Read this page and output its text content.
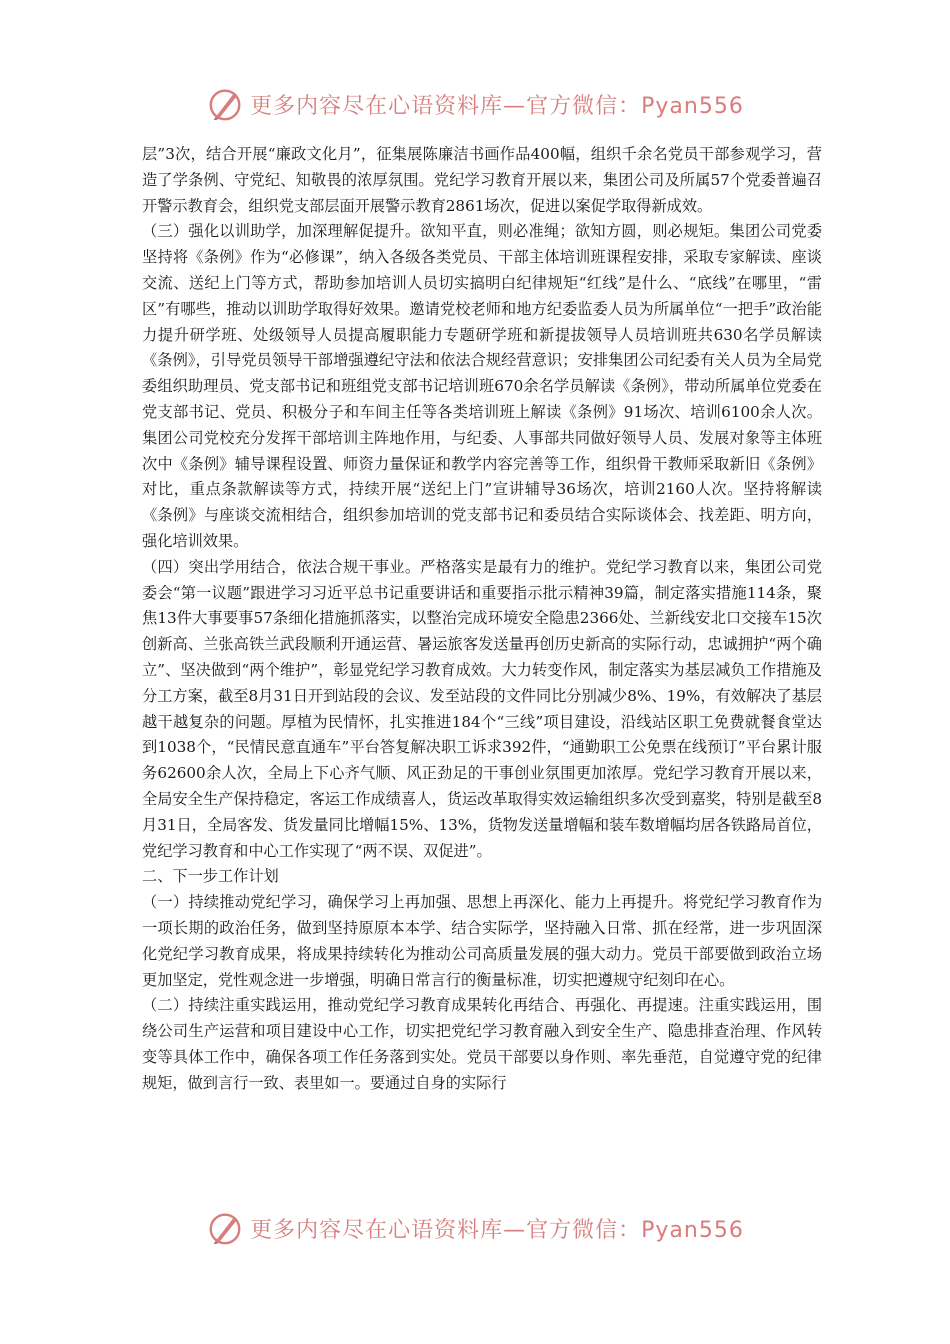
更多内容尽在心语资料库—官方微信：Pyan556

层”3次，结合开展“廉政文化月”，征集展陈廉洁书画作品400幅，组织千余名党员干部参观学习，营造了学条例、守党纪、知敬畏的浓厚氛围。党纪学习教育开展以来，集团公司及所属57个党委普遍召开警示教育会，组织党支部层面开展警示教育2861场次，促进以案促学取得新成效。

（三）强化以训助学，加深理解促提升。欲知平直，则必准绳；欲知方圆，则必规矩。集团公司党委坚持将《条例》作为“必修课”，纳入各级各类党员、干部主体培训班课程安排，采取专家解读、座谈交流、送纪上门等方式，帮助参加培训人员切实搞明白纪律规矩“红线”是什么、“底线”在哪里，“雷区”有哪些，推动以训助学取得好效果。邀请党校老师和地方纪委监委人员为所属单位“一把手”政治能力提升研学班、处级领导人员提高履职能力专题研学班和新提拔领导人员培训班共630名学员解读《条例》，引导党员领导干部增强遵纪守法和依法合规经营意识；安排集团公司纪委有关人员为全局党委组织助理员、党支部书记和班组党支部书记培训班670余名学员解读《条例》，带动所属单位党委在党支部书记、党员、积极分子和车间主任等各类培训班上解读《条例》91场次、培训6100余人次。集团公司党校充分发挥干部培训主阵地作用，与纪委、人事部共同做好领导人员、发展对象等主体班次中《条例》辅导课程设置、师资力量保证和教学内容完善等工作，组织骨干教师采取新旧《条例》对比，重点条款解读等方式，持续开展“送纪上门”宣讲辅导36场次，培训2160人次。坚持将解读《条例》与座谈交流相结合，组织参加培训的党支部书记和委员结合实际谈体会、找差距、明方向，强化培训效果。

（四）突出学用结合，依法合规干事业。严格落实是最有力的维护。党纪学习教育以来，集团公司党委会“第一议题”跟进学习习近平总书记重要讲话和重要指示批示精神39篇，制定落实措施114条，聚焦13件大事要事57条细化措施抓落实，以整治完成环境安全隐患2366处、兰新线安北口交接车15次创新高、兰张高铁兰武段顺利开通运营、暑运旅客发送量再创历史新高的实际行动，忠诚拥护“两个确立”、坚决做到“两个维护”，彰显党纪学习教育成效。大力转变作风，制定落实为基层减负工作措施及分工方案，截至8月31日开到站段的会议、发至站段的文件同比分别减少8%、19%，有效解决了基层越干越复杂的问题。厚植为民情怀，扎实推进184个“三线”项目建设，沿线站区职工免费就餐食堂达到1038个，“民情民意直通车”平台答复解决职工诉求392件，“通勤职工公免票在线预订”平台累计服务62600余人次，全局上下心齐气顺、风正劲足的干事创业氛围更加浓厚。党纪学习教育开展以来，全局安全生产保持稳定，客运工作成绩喜人，货运改革取得实效运输组织多次受到嘉奖，特别是截至8月31日，全局客发、货发量同比增幅15%、13%，货物发送量增幅和装车数增幅均居各铁路局首位，党纪学习教育和中心工作实现了“两不误、双促进”。

二、下一步工作计划

（一）持续推动党纪学习，确保学习上再加强、思想上再深化、能力上再提升。将党纪学习教育作为一项长期的政治任务，做到坚持原原本本学、结合实际学，坚持融入日常、抓在经常，进一步巩固深化党纪学习教育成果，将成果持续转化为推动公司高质量发展的强大动力。党员干部要做到政治立场更加坚定，党性观念进一步增强，明确日常言行的衡量标准，切实把遵规守纪刻印在心。

（二）持续注重实践运用，推动党纪学习教育成果转化再结合、再强化、再提速。注重实践运用，围绕公司生产运营和项目建设中心工作，切实把党纪学习教育融入到安全生产、隐患排查治理、作风转变等具体工作中，确保各项工作任务落到实处。党员干部要以身作则、率先垂范，自觉遵守党的纪律规矩，做到言行一致、表里如一。要通过自身的实际行

更多内容尽在心语资料库—官方微信：Pyan556
